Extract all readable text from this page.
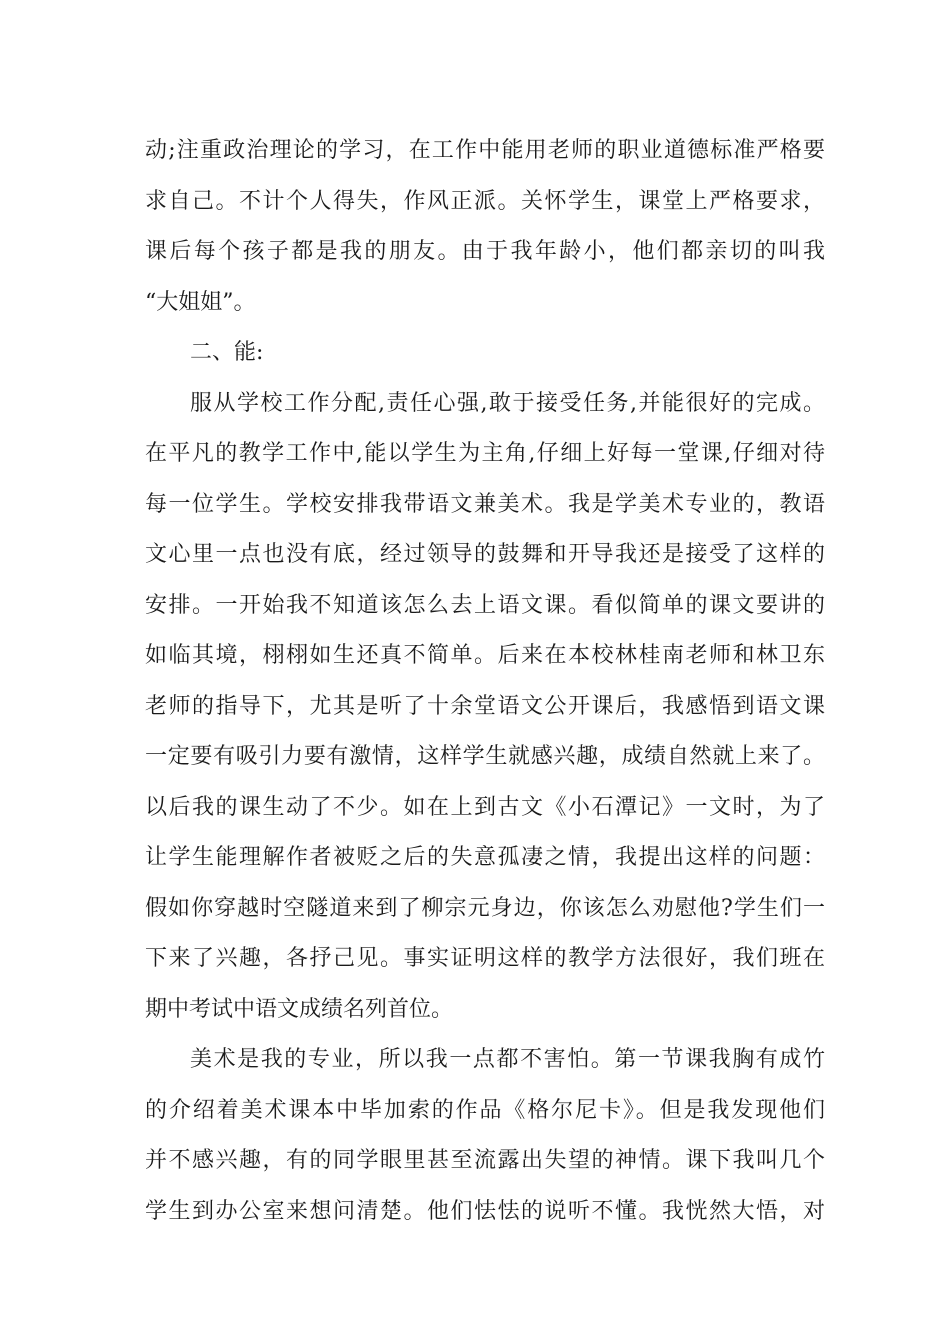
动;注重政治理论的学习，在工作中能用老师的职业道德标准严格要
求自己。不计个人得失，作风正派。关怀学生，课堂上严格要求，
课后每个孩子都是我的朋友。由于我年龄小，他们都亲切的叫我
“大姐姐”。
二、能:
服从学校工作分配,责任心强,敢于接受任务,并能很好的完成。
在平凡的教学工作中,能以学生为主角,仔细上好每一堂课,仔细对待
每一位学生。学校安排我带语文兼美术。我是学美术专业的，教语
文心里一点也没有底，经过领导的鼓舞和开导我还是接受了这样的
安排。一开始我不知道该怎么去上语文课。看似简单的课文要讲的
如临其境，栩栩如生还真不简单。后来在本校林桂南老师和林卫东
老师的指导下，尤其是听了十余堂语文公开课后，我感悟到语文课
一定要有吸引力要有激情，这样学生就感兴趣，成绩自然就上来了。
以后我的课生动了不少。如在上到古文《小石潭记》一文时，为了
让学生能理解作者被贬之后的失意孤凄之情，我提出这样的问题：
假如你穿越时空隧道来到了柳宗元身边，你该怎么劝慰他?学生们一
下来了兴趣，各抒己见。事实证明这样的教学方法很好，我们班在
期中考试中语文成绩名列首位。
美术是我的专业，所以我一点都不害怕。第一节课我胸有成竹
的介绍着美术课本中毕加索的作品《格尔尼卡》。但是我发现他们
并不感兴趣，有的同学眼里甚至流露出失望的神情。课下我叫几个
学生到办公室来想问清楚。他们怯怯的说听不懂。我恍然大悟，对
